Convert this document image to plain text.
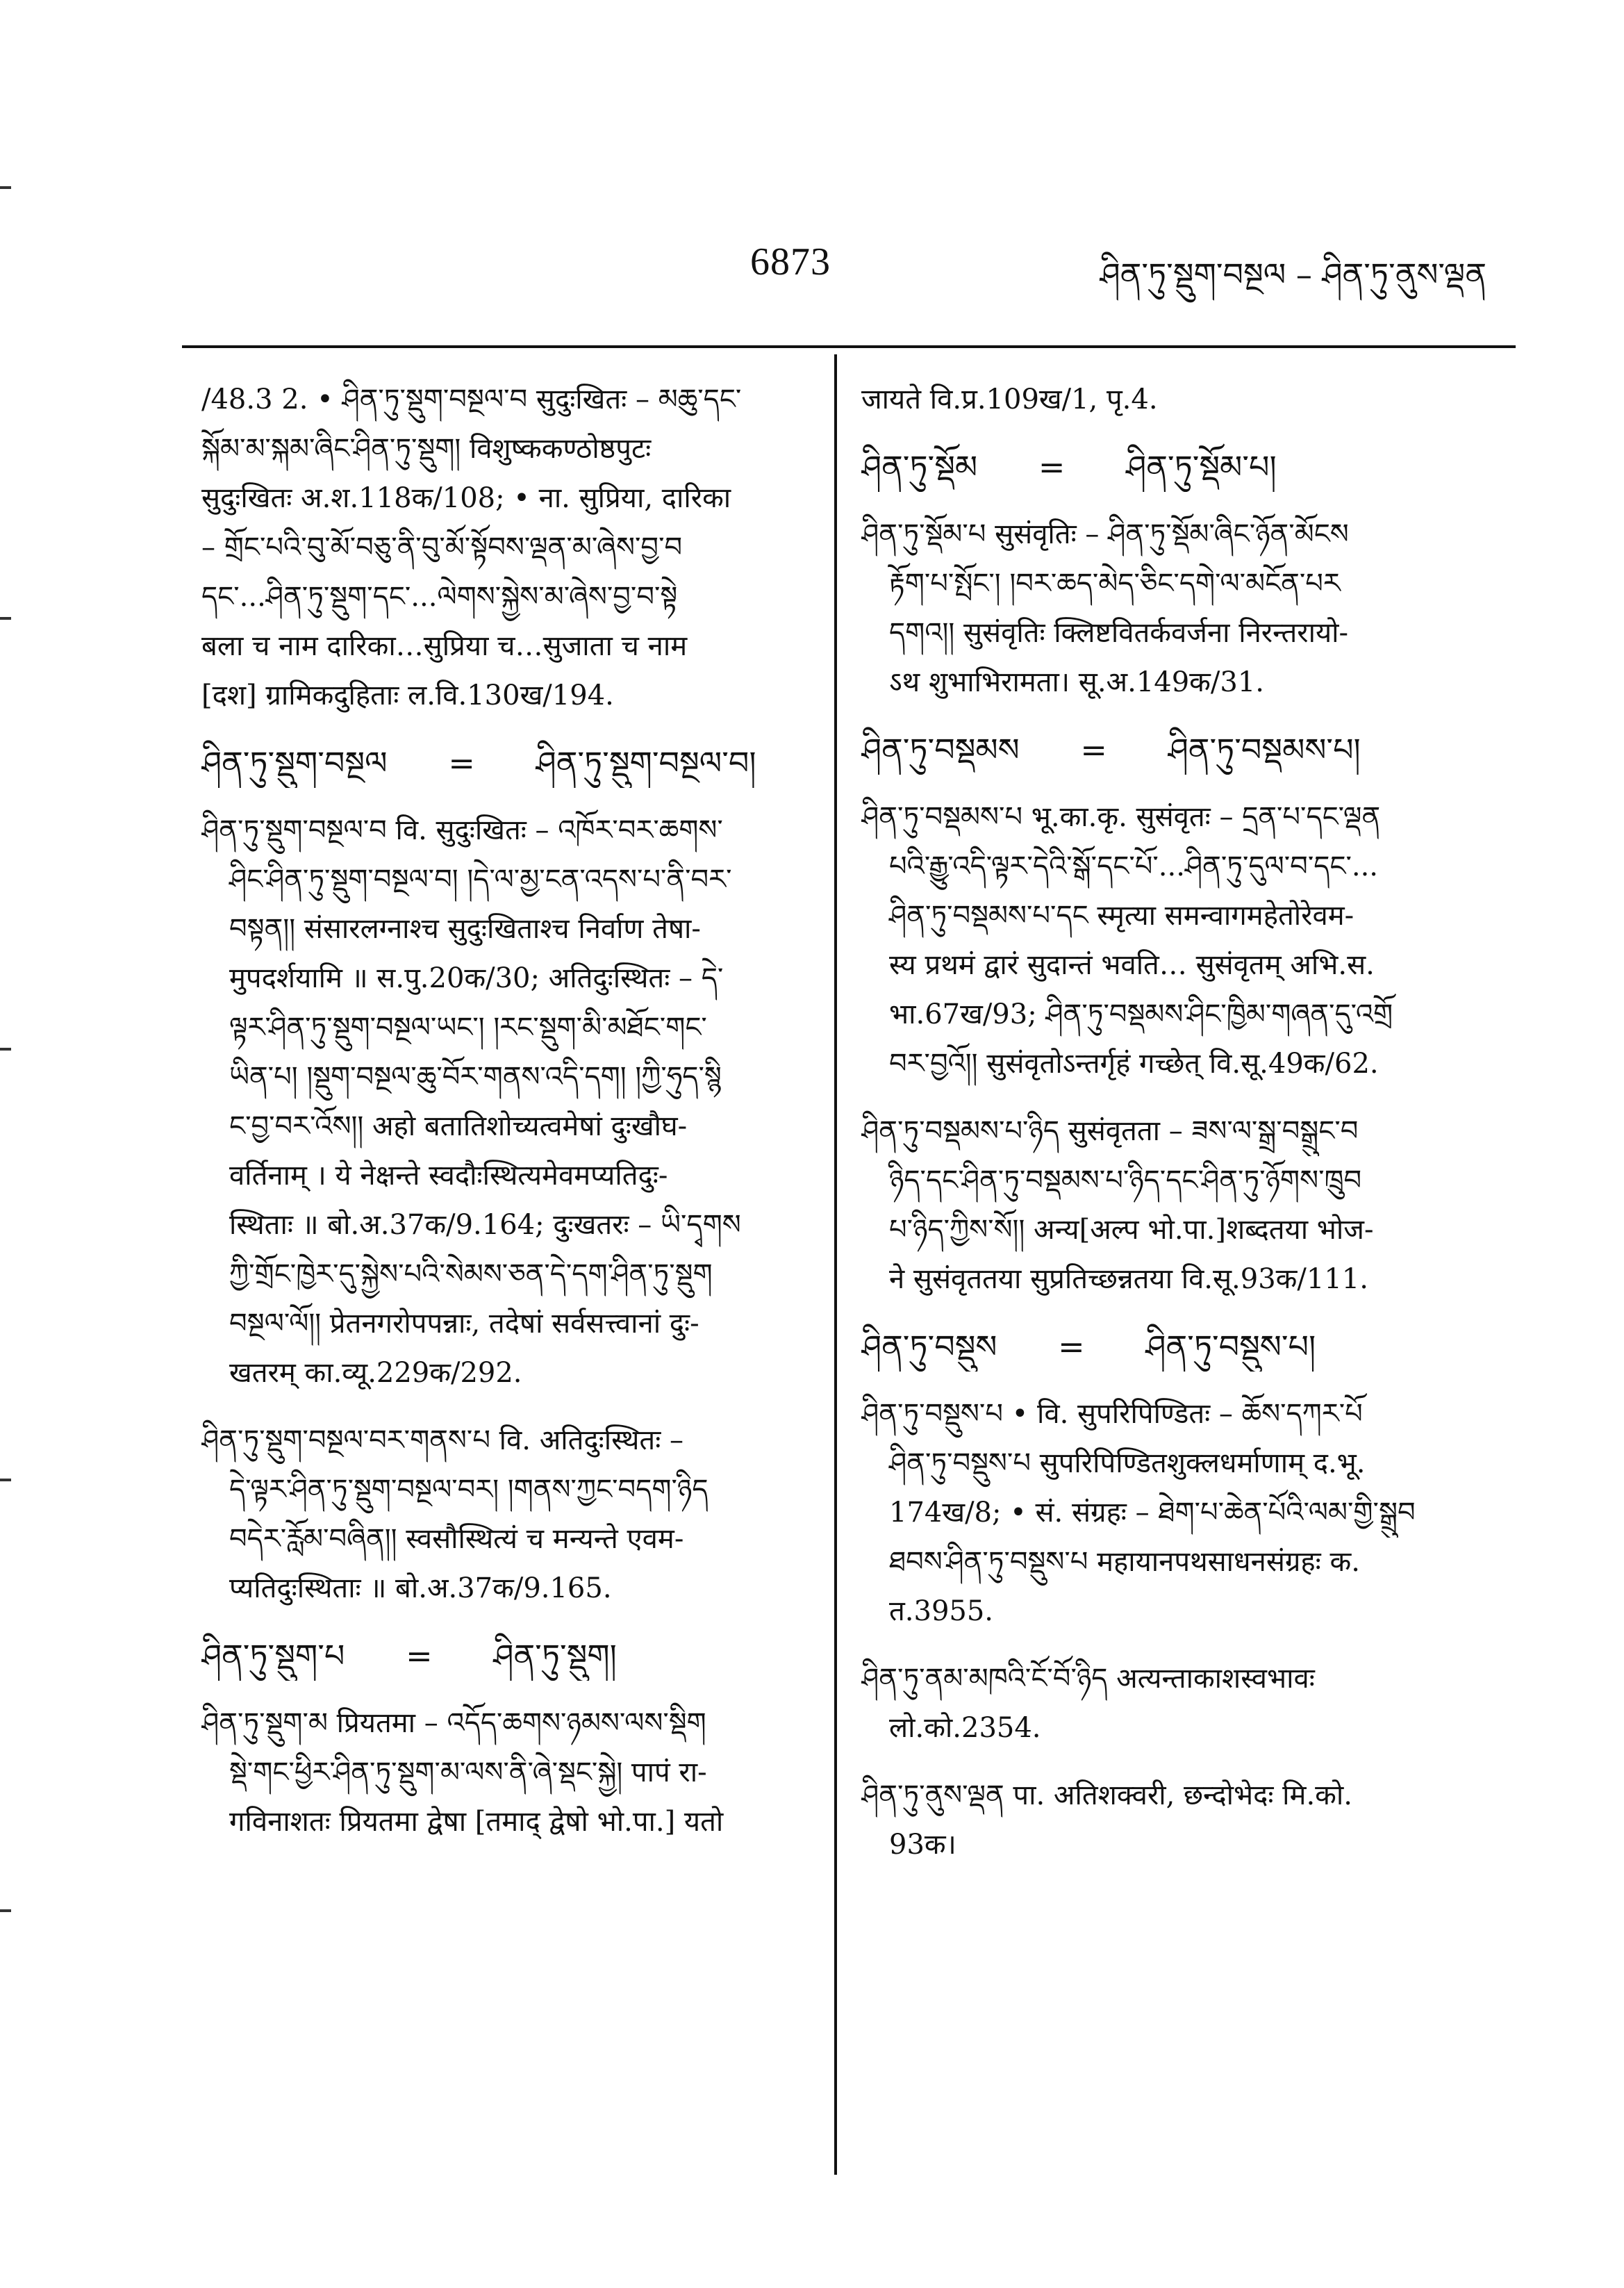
6873	ཤིན་ཏུ་སྡུག་བསྔལ – ཤིན་ཏུ་ནུས་ལྡན
/48.3 2. • ཤིན་ཏུ་སྡུག་བསྔལ་བ सुदुःखितः – མཆུ་དང་
སྐོམ་མ་སྐམ་ཞིང་ཤིན་ཏུ་སྡུག། विशुष्ककण्ठोष्ठपुटः
सुदुःखितः अ.श.118क/108; • ना. सुप्रिया, दारिका
– གྲོང་པའི་བུ་མོ་བཅུ་ནི་བུ་མོ་སྟོབས་ལྡན་མ་ཞེས་བྱ་བ
དང་...ཤིན་ཏུ་སྡུག་དང་...ལེགས་སྐྱེས་མ་ཞེས་བྱ་བ་སྟེ
बला च नाम दारिका…सुप्रिया च…सुजाता च नाम
[दश] ग्रामिकदुहिताः ल.वि.130ख/194.
ཤིན་ཏུ་སྡུག་བསྔལ      =      ཤིན་ཏུ་སྡུག་བསྔལ་བ།
ཤིན་ཏུ་སྡུག་བསྔལ་བ वि. सुदुःखितः – འཁོར་བར་ཆགས་
ཤིང་ཤིན་ཏུ་སྡུག་བསྔལ་བ། །དེ་ལ་མྱ་ངན་འདས་པ་ནི་བར་
བསྟན།། संसारलग्नाश्च सुदुःखिताश्च निर्वाण तेषा-
मुपदर्शयामि ॥ स.पु.20क/30; अतिदुःस्थितः – དེ་
ལྟར་ཤིན་ཏུ་སྡུག་བསྔལ་ཡང་། །རང་སྡུག་མི་མཐོང་གང་
ཡིན་པ། །སྡུག་བསྔལ་ཆུ་བོར་གནས་འདི་དག། །ཀྱི་ཧུད་སྙི
ང་བྱ་བར་འོས།། अहो बतातिशोच्यत्वमेषां दुःखौघ-
वर्तिनाम् । ये नेक्षन्ते स्वदौःस्थित्यमेवमप्यतिदुः-
स्थिताः ॥ बो.अ.37क/9.164; दुःखतरः – ཡི་དྭགས
ཀྱི་གྲོང་ཁྱེར་དུ་སྐྱེས་པའི་སེམས་ཅན་དེ་དག་ཤིན་ཏུ་སྡུག
བསྔལ་ལོ།། प्रेतनगरोपपन्नाः, तदेषां सर्वसत्त्वानां दुः-
खतरम् का.व्यू.229क/292.
ཤིན་ཏུ་སྡུག་བསྔལ་བར་གནས་པ वि. अतिदुःस्थितः –
དེ་ལྟར་ཤིན་ཏུ་སྡུག་བསྔལ་བར། །གནས་ཀྱང་བདག་ཉིད
བདེར་རློམ་བཞིན།། स्वसौस्थित्यं च मन्यन्ते एवम-
प्यतिदुःस्थिताः ॥ बो.अ.37क/9.165.
ཤིན་ཏུ་སྡུག་པ      =      ཤིན་ཏུ་སྡུག།
ཤིན་ཏུ་སྡུག་མ प्रियतमा – འདོད་ཆགས་ཉམས་ལས་སྡིག
སྡེ་གང་ཕྱིར་ཤིན་ཏུ་སྡུག་མ་ལས་ནི་ཞེ་སྡང་སྐྱེ། पापं रा-
गविनाशतः प्रियतमा द्वेषा [तमाद् द्वेषो भो.पा.] यतो
जायते वि.प्र.109ख/1, पृ.4.
ཤིན་ཏུ་སྡོམ      =      ཤིན་ཏུ་སྡོམ་པ།
ཤིན་ཏུ་སྡོམ་པ सुसंवृतिः – ཤིན་ཏུ་སྡོམ་ཞིང་ཉོན་མོངས
རྟོག་པ་སྤོང་། །བར་ཆད་མེད་ཅིང་དགེ་ལ་མངོན་པར
དགའ།། सुसंवृतिः क्लिष्टवितर्कवर्जना निरन्तरायो-
ऽथ शुभाभिरामता। सू.अ.149क/31.
ཤིན་ཏུ་བསྡམས      =      ཤིན་ཏུ་བསྡམས་པ།
ཤིན་ཏུ་བསྡམས་པ भू.का.कृ. सुसंवृतः – དྲན་པ་དང་ལྡན
པའི་རྒྱུ་འདི་ལྟར་དེའི་སྒོ་དང་པོ་...ཤིན་ཏུ་དུལ་བ་དང་...
ཤིན་ཏུ་བསྡམས་པ་དང स्मृत्या समन्वागमहेतोरेवम-
स्य प्रथमं द्वारं सुदान्तं भवति… सुसंवृतम् अभि.स.
भा.67ख/93; ཤིན་ཏུ་བསྡམས་ཤིང་ཁྱིམ་གཞན་དུ་འགྲོ
བར་བྱའོ།། सुसंवृतोऽन्तर्गृहं गच्छेत् वि.सू.49क/62.
ཤིན་ཏུ་བསྡམས་པ་ཉིད सुसंवृतता – ཟས་ལ་སྒྲ་བསྒྲུང་བ
ཉིད་དང་ཤིན་ཏུ་བསྡམས་པ་ཉིད་དང་ཤིན་ཏུ་ཉོགས་ཁྲུབ
པ་ཉིད་ཀྱིས་སོ།། अन्य[अल्प भो.पा.]शब्दतया भोज-
ने सुसंवृततया सुप्रतिच्छन्नतया वि.सू.93क/111.
ཤིན་ཏུ་བསྡུས      =      ཤིན་ཏུ་བསྡུས་པ།
ཤིན་ཏུ་བསྡུས་པ • वि. सुपरिपिण्डितः – ཆོས་དཀར་པོ
ཤིན་ཏུ་བསྡུས་པ सुपरिपिण्डितशुक्लधर्माणाम् द.भू.
174ख/8; • सं. संग्रहः – ཐེག་པ་ཆེན་པོའི་ལམ་གྱི་སྒྲུབ
ཐབས་ཤིན་ཏུ་བསྡུས་པ महायानपथसाधनसंग्रहः क.
त.3955.
ཤིན་ཏུ་ནམ་མཁའི་ངོ་བོ་ཉིད अत्यन्ताकाशस्वभावः
लो.को.2354.
ཤིན་ཏུ་ནུས་ལྡན पा. अतिशक्वरी, छन्दोभेदः मि.को.
93क।
